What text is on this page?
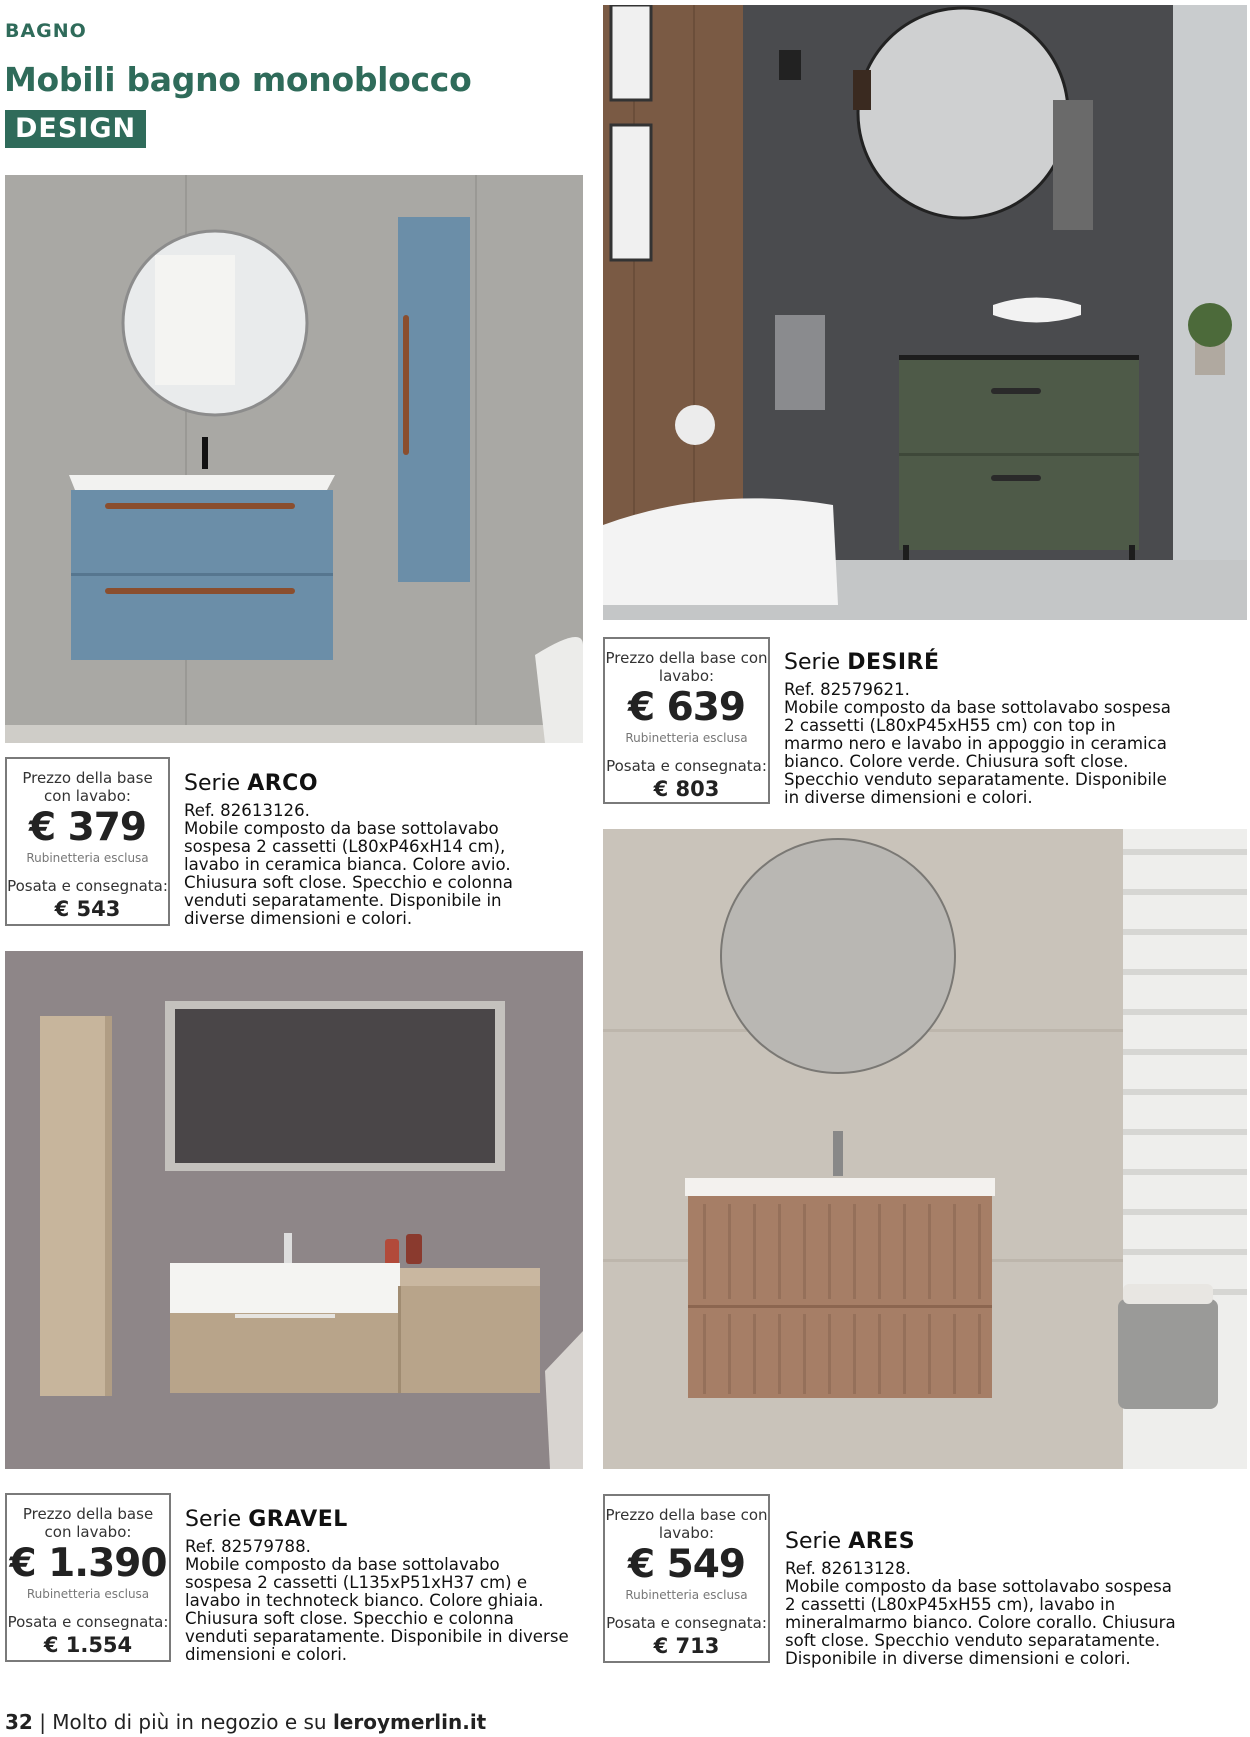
BAGNO
Mobili bagno monoblocco
DESIGN
Prezzo della base con lavabo:
€ 379
Rubinetteria esclusa
Posata e consegnata:
€ 543
Serie ARCO

Ref. 82613126.

Mobile composto da base sottolavabo sospesa 2 cassetti (L80xP46xH14 cm), lavabo in ceramica bianca. Colore avio. Chiusura soft close. Specchio e colonna venduti separatamente. Disponibile in diverse dimensioni e colori.

Prezzo della base con lavabo:
€ 639
Rubinetteria esclusa
Posata e consegnata:
€ 803
Serie DESIRÉ

Ref. 82579621.

Mobile composto da base sottolavabo sospesa 2 cassetti (L80xP45xH55 cm) con top in marmo nero e lavabo in appoggio in ceramica bianco. Colore verde. Chiusura soft close. Specchio venduto separatamente. Disponibile in diverse dimensioni e colori.

Prezzo della base con lavabo:
€ 1.390
Rubinetteria esclusa
Posata e consegnata:
€ 1.554
Serie GRAVEL

Ref. 82579788.

Mobile composto da base sottolavabo sospesa 2 cassetti (L135xP51xH37 cm) e lavabo in technoteck bianco. Colore ghiaia. Chiusura soft close. Specchio e colonna venduti separatamente. Disponibile in diverse dimensioni e colori.

Prezzo della base con lavabo:
€ 549
Rubinetteria esclusa
Posata e consegnata:
€ 713
Serie ARES

Ref. 82613128.

Mobile composto da base sottolavabo sospesa 2 cassetti (L80xP45xH55 cm), lavabo in mineralmarmo bianco. Colore corallo. Chiusura soft close. Specchio venduto separatamente. Disponibile in diverse dimensioni e colori.

32 | Molto di più in negozio e su leroymerlin.it
